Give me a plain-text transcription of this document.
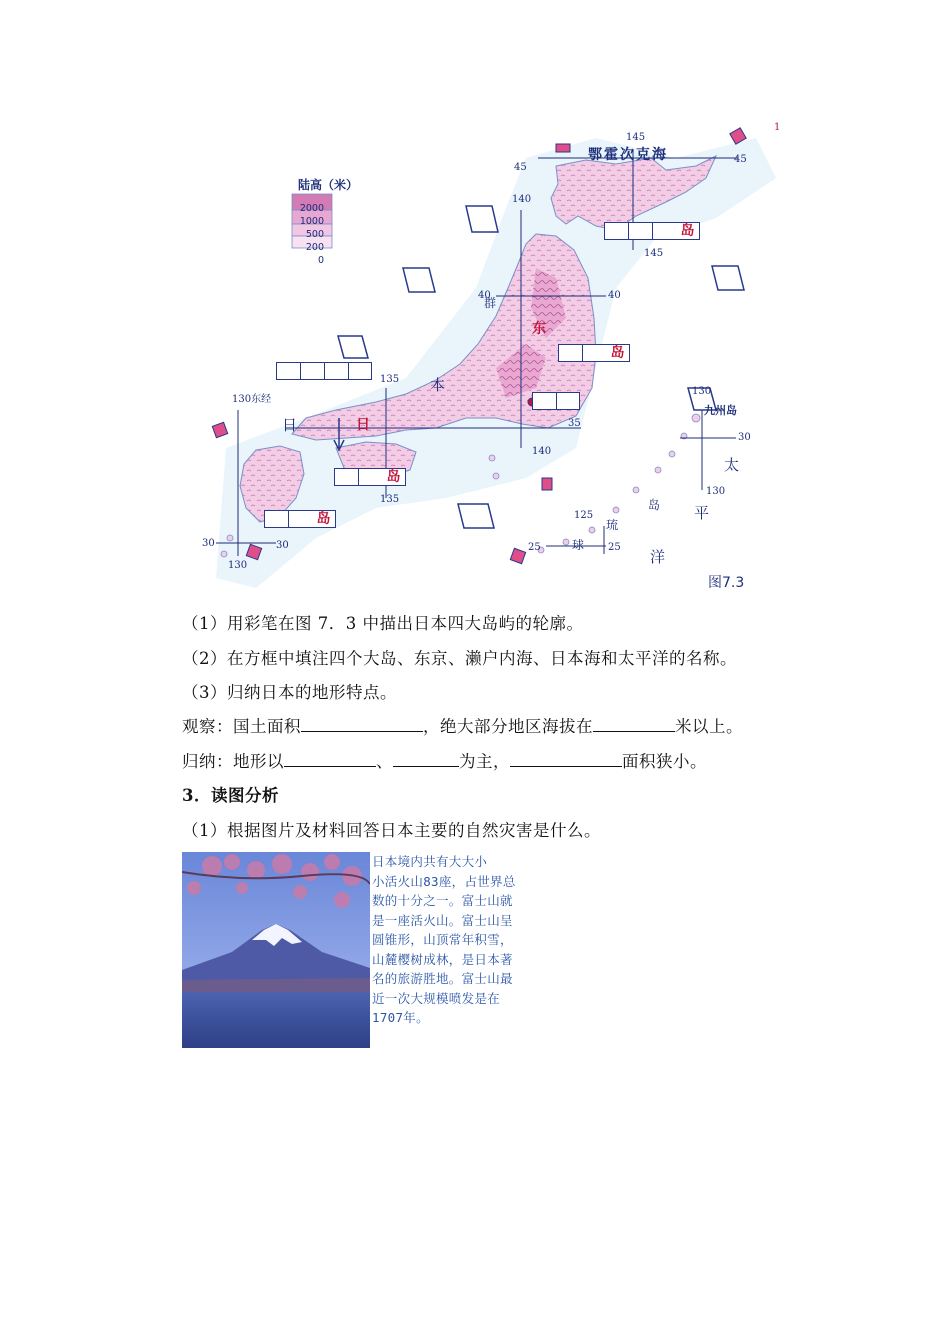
陆高（米）
2000
1000
500
200
0
岛
岛
岛
岛
鄂霍次克海
太
平
洋
日
本
九州岛
东
日
群
琉
球
岛
1
145
45
45
140
145
40	40
135
130东经
35
140
135
30	30
130
130
30
130
125
25	25
图7.3
（1）用彩笔在图 7．3 中描出日本四大岛屿的轮廓。
（2）在方框中填注四个大岛、东京、濑户内海、日本海和太平洋的名称。
（3）归纳日本的地形特点。
观察：国土面积	，绝大部分地区海拔在	米以上。
归纳：地形以	、	为主，	面积狭小。
3．读图分析
（1）根据图片及材料回答日本主要的自然灾害是什么。
日本境内共有大大小
小活火山83座，占世界总
数的十分之一。富士山就
是一座活火山。富士山呈
圆锥形，山顶常年积雪，
山麓樱树成林，是日本著
名的旅游胜地。富士山最
近一次大规模喷发是在
1707年。
